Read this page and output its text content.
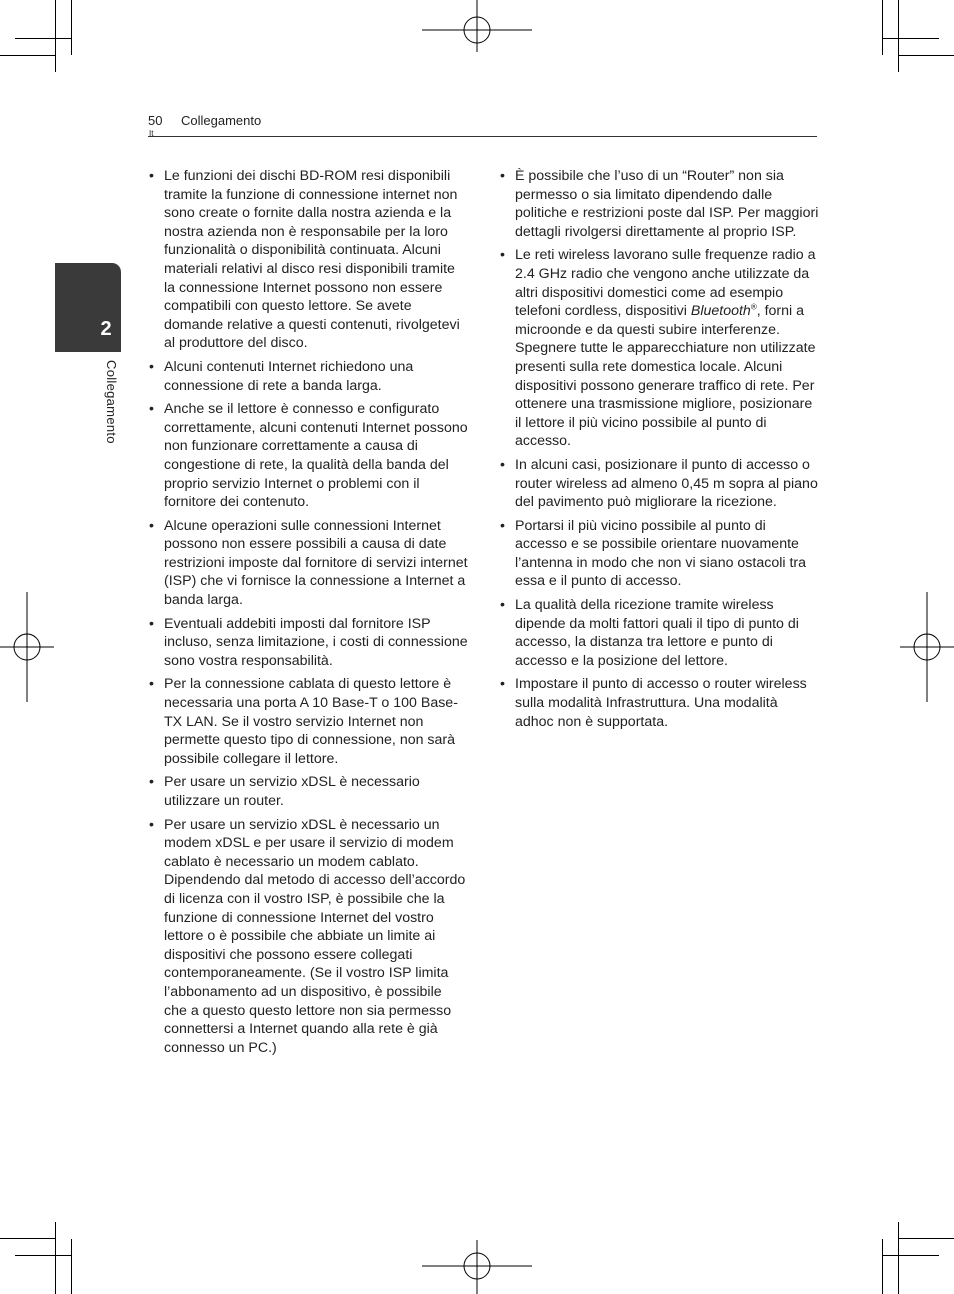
50
It
Collegamento
2
Collegamento
• Le funzioni dei dischi BD-ROM resi disponibili tramite la funzione di connessione internet non sono create o fornite dalla nostra azienda e la nostra azienda non è responsabile per la loro funzionalità o disponibilità continuata. Alcuni materiali relativi al disco resi disponibili tramite la connessione Internet possono non essere compatibili con questo lettore. Se avete domande relative a questi contenuti, rivolgetevi al produttore del disco.
• Alcuni contenuti Internet richiedono una connessione di rete a banda larga.
• Anche se il lettore è connesso e configurato correttamente, alcuni contenuti Internet possono non funzionare correttamente a causa di congestione di rete, la qualità della banda del proprio servizio Internet o problemi con il fornitore dei contenuto.
• Alcune operazioni sulle connessioni Internet possono non essere possibili a causa di date restrizioni imposte dal fornitore di servizi internet (ISP) che vi fornisce la connessione a Internet a banda larga.
• Eventuali addebiti imposti dal fornitore ISP incluso, senza limitazione, i costi di connessione sono vostra responsabilità.
• Per la connessione cablata di questo lettore è necessaria una porta A 10 Base-T o 100 Base-TX LAN. Se il vostro servizio Internet non permette questo tipo di connessione, non sarà possibile collegare il lettore.
• Per usare un servizio xDSL è necessario utilizzare un router.
• Per usare un servizio xDSL è necessario un modem xDSL e per usare il servizio di modem cablato è necessario un modem cablato. Dipendendo dal metodo di accesso dell’accordo di licenza con il vostro ISP, è possibile che la funzione di connessione Internet del vostro lettore o è possibile che abbiate un limite ai dispositivi che possono essere collegati contemporaneamente. (Se il vostro ISP limita l’abbonamento ad un dispositivo, è possibile che a questo questo lettore non sia permesso connettersi a Internet quando alla rete è già connesso un PC.)
• È possibile che l’uso di un “Router” non sia permesso o sia limitato dipendendo dalle politiche e restrizioni poste dal ISP. Per maggiori dettagli rivolgersi direttamente al proprio ISP.
• Le reti wireless lavorano sulle frequenze radio a 2.4 GHz radio che vengono anche utilizzate da altri dispositivi domestici come ad esempio telefoni cordless, dispositivi Bluetooth®, forni a microonde e da questi subire interferenze. Spegnere tutte le apparecchiature non utilizzate presenti sulla rete domestica locale. Alcuni dispositivi possono generare traffico di rete. Per ottenere una trasmissione migliore, posizionare il lettore il più vicino possibile al punto di accesso.
• In alcuni casi, posizionare il punto di accesso o router wireless ad almeno 0,45 m sopra al piano del pavimento può migliorare la ricezione.
• Portarsi il più vicino possibile al punto di accesso e se possibile orientare nuovamente l’antenna in modo che non vi siano ostacoli tra essa e il punto di accesso.
• La qualità della ricezione tramite wireless dipende da molti fattori quali il tipo di punto di accesso, la distanza tra lettore e punto di accesso e la posizione del lettore.
• Impostare il punto di accesso o router wireless sulla modalità Infrastruttura. Una modalità adhoc non è supportata.
